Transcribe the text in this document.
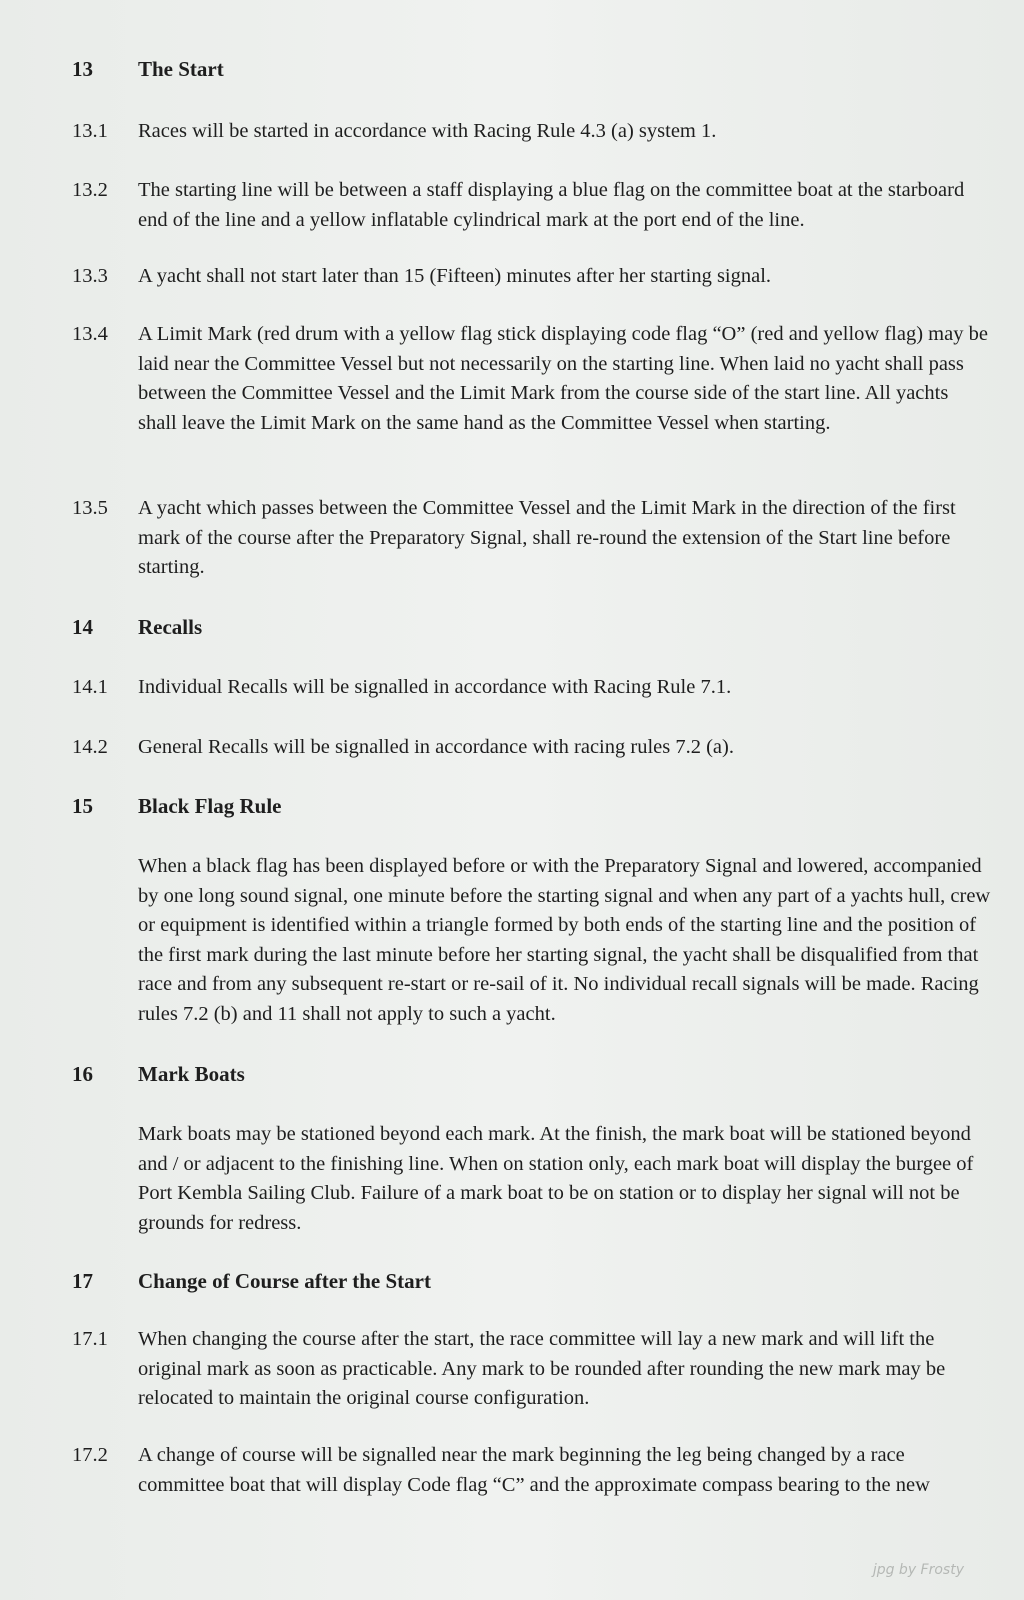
13 The Start
13.1	Races will be started in accordance with Racing Rule 4.3 (a) system 1.
13.2	The starting line will be between a staff displaying a blue flag on the committee boat at the starboard end of the line and a yellow inflatable cylindrical mark at the port end of the line.
13.3	A yacht shall not start later than 15 (Fifteen) minutes after her starting signal.
13.4	A Limit Mark (red drum with a yellow flag stick displaying code flag “O” (red and yellow flag) may be laid near the Committee Vessel but not necessarily on the starting line. When laid no yacht shall pass between the Committee Vessel and the Limit Mark from the course side of the start line. All yachts shall leave the Limit Mark on the same hand as the Committee Vessel when starting.
13.5	A yacht which passes between the Committee Vessel and the Limit Mark in the direction of the first mark of the course after the Preparatory Signal, shall re-round the extension of the Start line before starting.
14 Recalls
14.1	Individual Recalls will be signalled in accordance with Racing Rule 7.1.
14.2	General Recalls will be signalled in accordance with racing rules 7.2 (a).
15 Black Flag Rule
When a black flag has been displayed before or with the Preparatory Signal and lowered, accompanied by one long sound signal, one minute before the starting signal and when any part of a yachts hull, crew or equipment is identified within a triangle formed by both ends of the starting line and the position of the first mark during the last minute before her starting signal, the yacht shall be disqualified from that race and from any subsequent re-start or re-sail of it. No individual recall signals will be made. Racing rules 7.2 (b) and 11 shall not apply to such a yacht.
16 Mark Boats
Mark boats may be stationed beyond each mark. At the finish, the mark boat will be stationed beyond and / or adjacent to the finishing line. When on station only, each mark boat will display the burgee of Port Kembla Sailing Club. Failure of a mark boat to be on station or to display her signal will not be grounds for redress.
17 Change of Course after the Start
17.1	When changing the course after the start, the race committee will lay a new mark and will lift the original mark as soon as practicable. Any mark to be rounded after rounding the new mark may be relocated to maintain the original course configuration.
17.2	A change of course will be signalled near the mark beginning the leg being changed by a race committee boat that will display Code flag “C” and the approximate compass bearing to the new
jpg by Frosty
